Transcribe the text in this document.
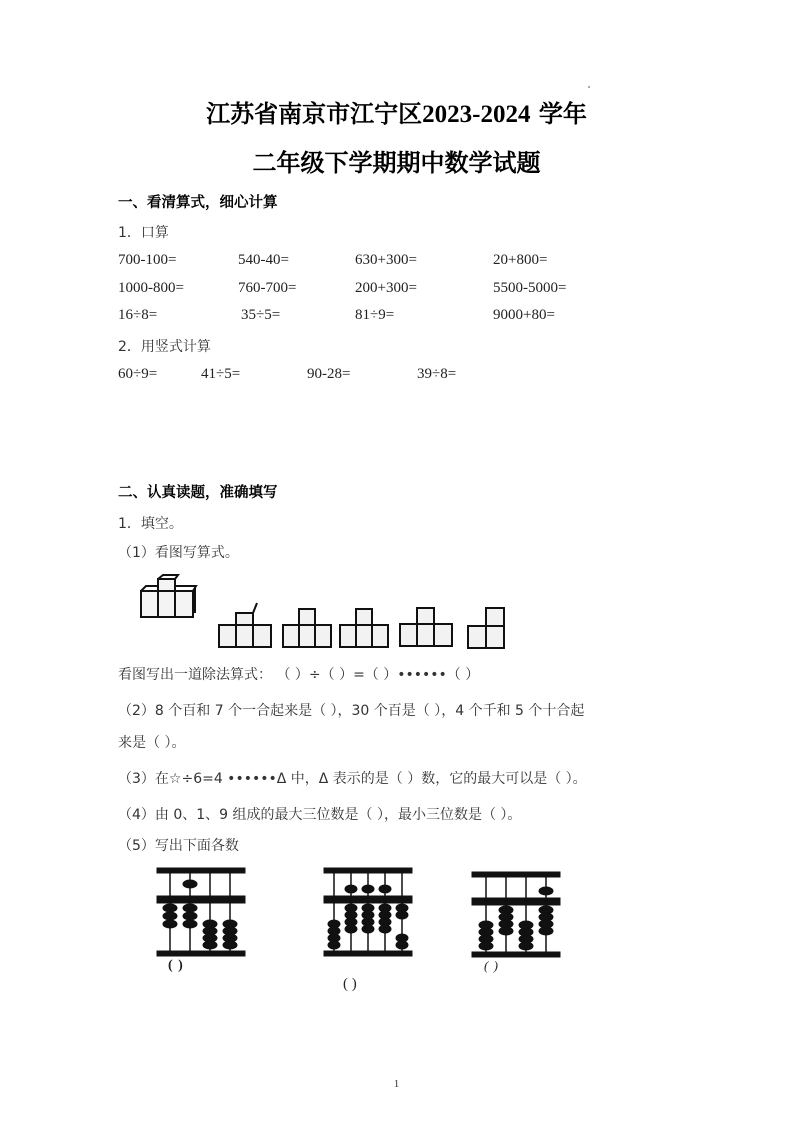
江苏省南京市江宁区2023-2024 学年
二年级下学期期中数学试题
一、看清算式，细心计算
1．口算
700-100=	540-40=	630+300=	20+800=
1000-800=	760-700=	200+300=	5500-5000=
16÷8=	35÷5=	81÷9=	9000+80=
2．用竖式计算
60÷9=	41÷5=	90-28=	39÷8=
二、认真读题，准确填写
1．填空。
（1）看图写算式。
看图写出一道除法算式： （ ）÷（ ）=（ ）••••••（ ）
（2）8 个百和 7 个一合起来是（ ），30 个百是（ ），4 个千和 5 个十合起
来是（ ）。
（3）在☆÷6=4 ••••••Δ 中，Δ 表示的是（ ）数，它的最大可以是（ ）。
（4）由 0、1、9 组成的最大三位数是（ ），最小三位数是（ ）。
（5）写出下面各数
( )
( )
( )
1
